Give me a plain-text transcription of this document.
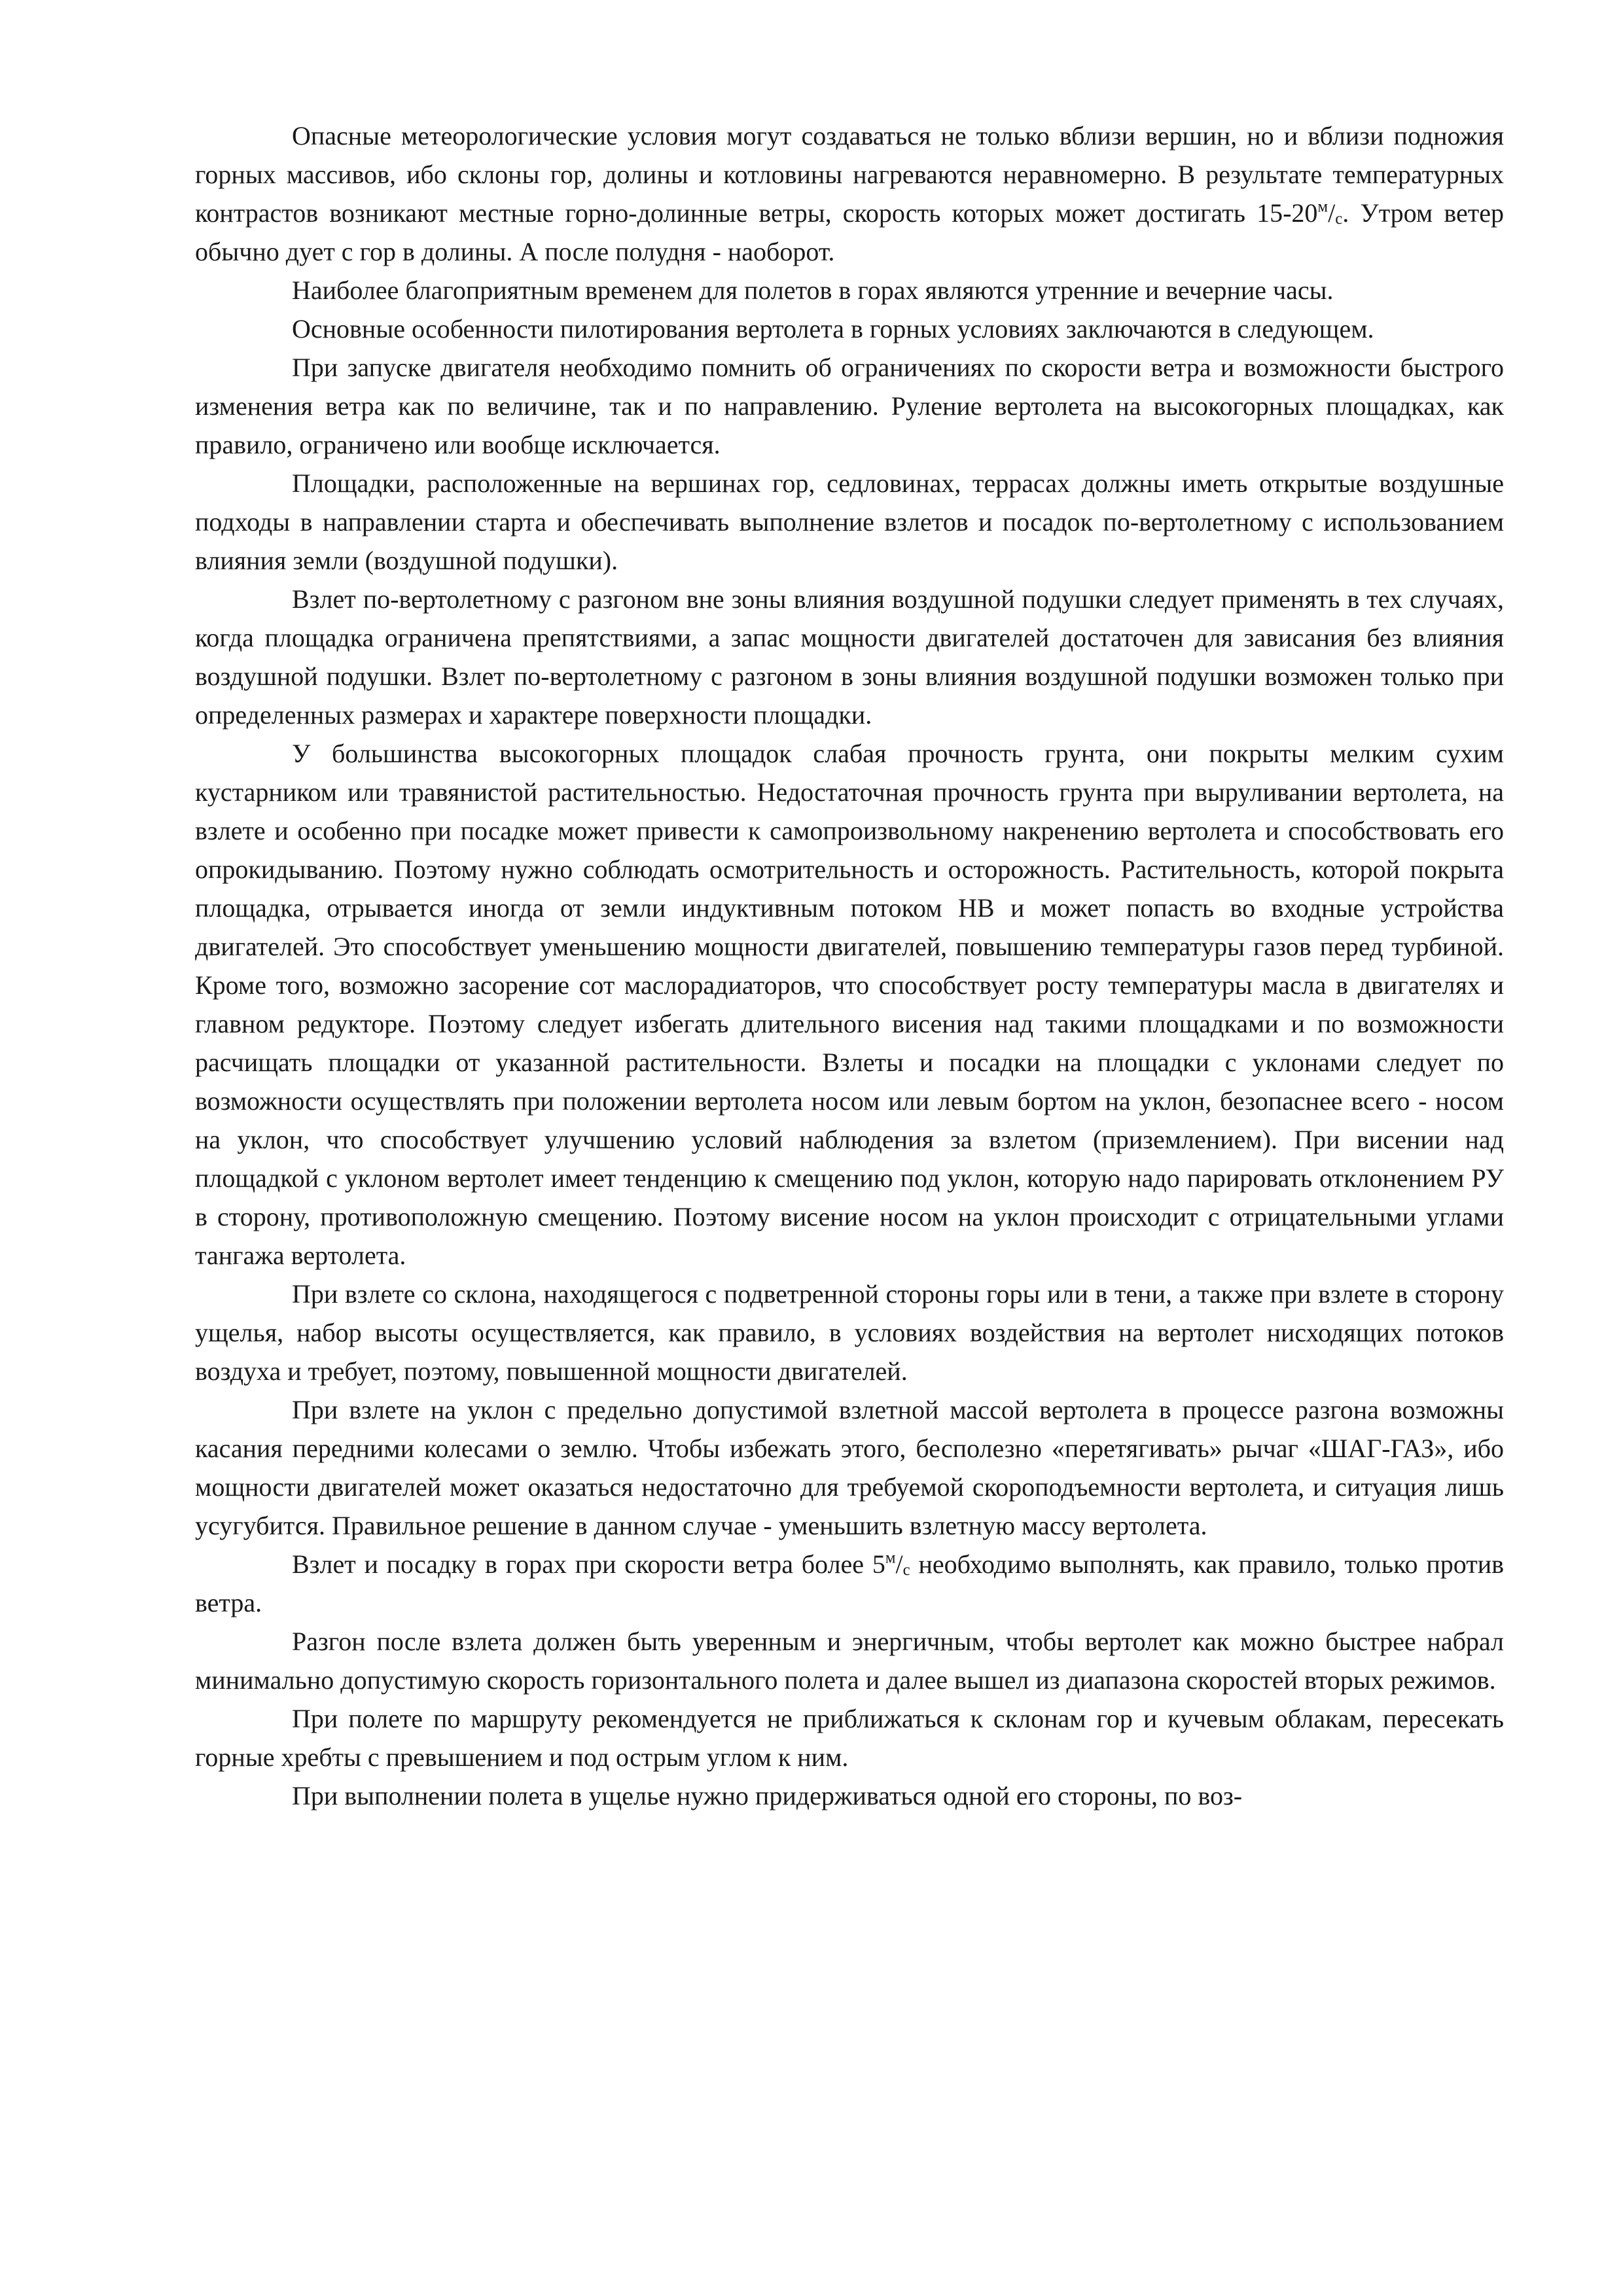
Опасные метеорологические условия могут создаваться не только вблизи вершин, но и вблизи подножия горных массивов, ибо склоны гор, долины и котловины нагреваются неравномерно. В результате температурных контрастов возникают местные горно-долинные ветры, скорость которых может достигать $15-20^м/_с$. Утром ветер обычно дует с гор в долины. А после полудня - наоборот.

Наиболее благоприятным временем для полетов в горах являются утренние и вечерние часы.

Основные особенности пилотирования вертолета в горных условиях заключаются в следующем.

При запуске двигателя необходимо помнить об ограничениях по скорости ветра и возможности быстрого изменения ветра как по величине, так и по направлению. Руление вертолета на высокогорных площадках, как правило, ограничено или вообще исключается.

Площадки, расположенные на вершинах гор, седловинах, террасах должны иметь открытые воздушные подходы в направлении старта и обеспечивать выполнение взлетов и посадок по-вертолетному с использованием влияния земли (воздушной подушки).

Взлет по-вертолетному с разгоном вне зоны влияния воздушной подушки следует применять в тех случаях, когда площадка ограничена препятствиями, а запас мощности двигателей достаточен для зависания без влияния воздушной подушки. Взлет по-вертолетному с разгоном в зоны влияния воздушной подушки возможен только при определенных размерах и характере поверхности площадки.

У большинства высокогорных площадок слабая прочность грунта, они покрыты мелким сухим кустарником или травянистой растительностью. Недостаточная прочность грунта при выруливании вертолета, на взлете и особенно при посадке может привести к самопроизвольному накренению вертолета и способствовать его опрокидыванию. Поэтому нужно соблюдать осмотрительность и осторожность. Растительность, которой покрыта площадка, отрывается иногда от земли индуктивным потоком НВ и может попасть во входные устройства двигателей. Это способствует уменьшению мощности двигателей, повышению температуры газов перед турбиной. Кроме того, возможно засорение сот маслорадиаторов, что способствует росту температуры масла в двигателях и главном редукторе. Поэтому следует избегать длительного висения над такими площадками и по возможности расчищать площадки от указанной растительности. Взлеты и посадки на площадки с уклонами следует по возможности осуществлять при положении вертолета носом или левым бортом на уклон, безопаснее всего - носом на уклон, что способствует улучшению условий наблюдения за взлетом (приземлением). При висении над площадкой с уклоном вертолет имеет тенденцию к смещению под уклон, которую надо парировать отклонением РУ в сторону, противоположную смещению. Поэтому висение носом на уклон происходит с отрицательными углами тангажа вертолета.

При взлете со склона, находящегося с подветренной стороны горы или в тени, а также при взлете в сторону ущелья, набор высоты осуществляется, как правило, в условиях воздействия на вертолет нисходящих потоков воздуха и требует, поэтому, повышенной мощности двигателей.

При взлете на уклон с предельно допустимой взлетной массой вертолета в процессе разгона возможны касания передними колесами о землю. Чтобы избежать этого, бесполезно «перетягивать» рычаг «ШАГ-ГАЗ», ибо мощности двигателей может оказаться недостаточно для требуемой скороподъемности вертолета, и ситуация лишь усугубится. Правильное решение в данном случае - уменьшить взлетную массу вертолета.

Взлет и посадку в горах при скорости ветра более $5^м/_с$ необходимо выполнять, как правило, только против ветра.

Разгон после взлета должен быть уверенным и энергичным, чтобы вертолет как можно быстрее набрал минимально допустимую скорость горизонтального полета и далее вышел из диапазона скоростей вторых режимов.

При полете по маршруту рекомендуется не приближаться к склонам гор и кучевым облакам, пересекать горные хребты с превышением и под острым углом к ним.

При выполнении полета в ущелье нужно придерживаться одной его стороны, по воз-
